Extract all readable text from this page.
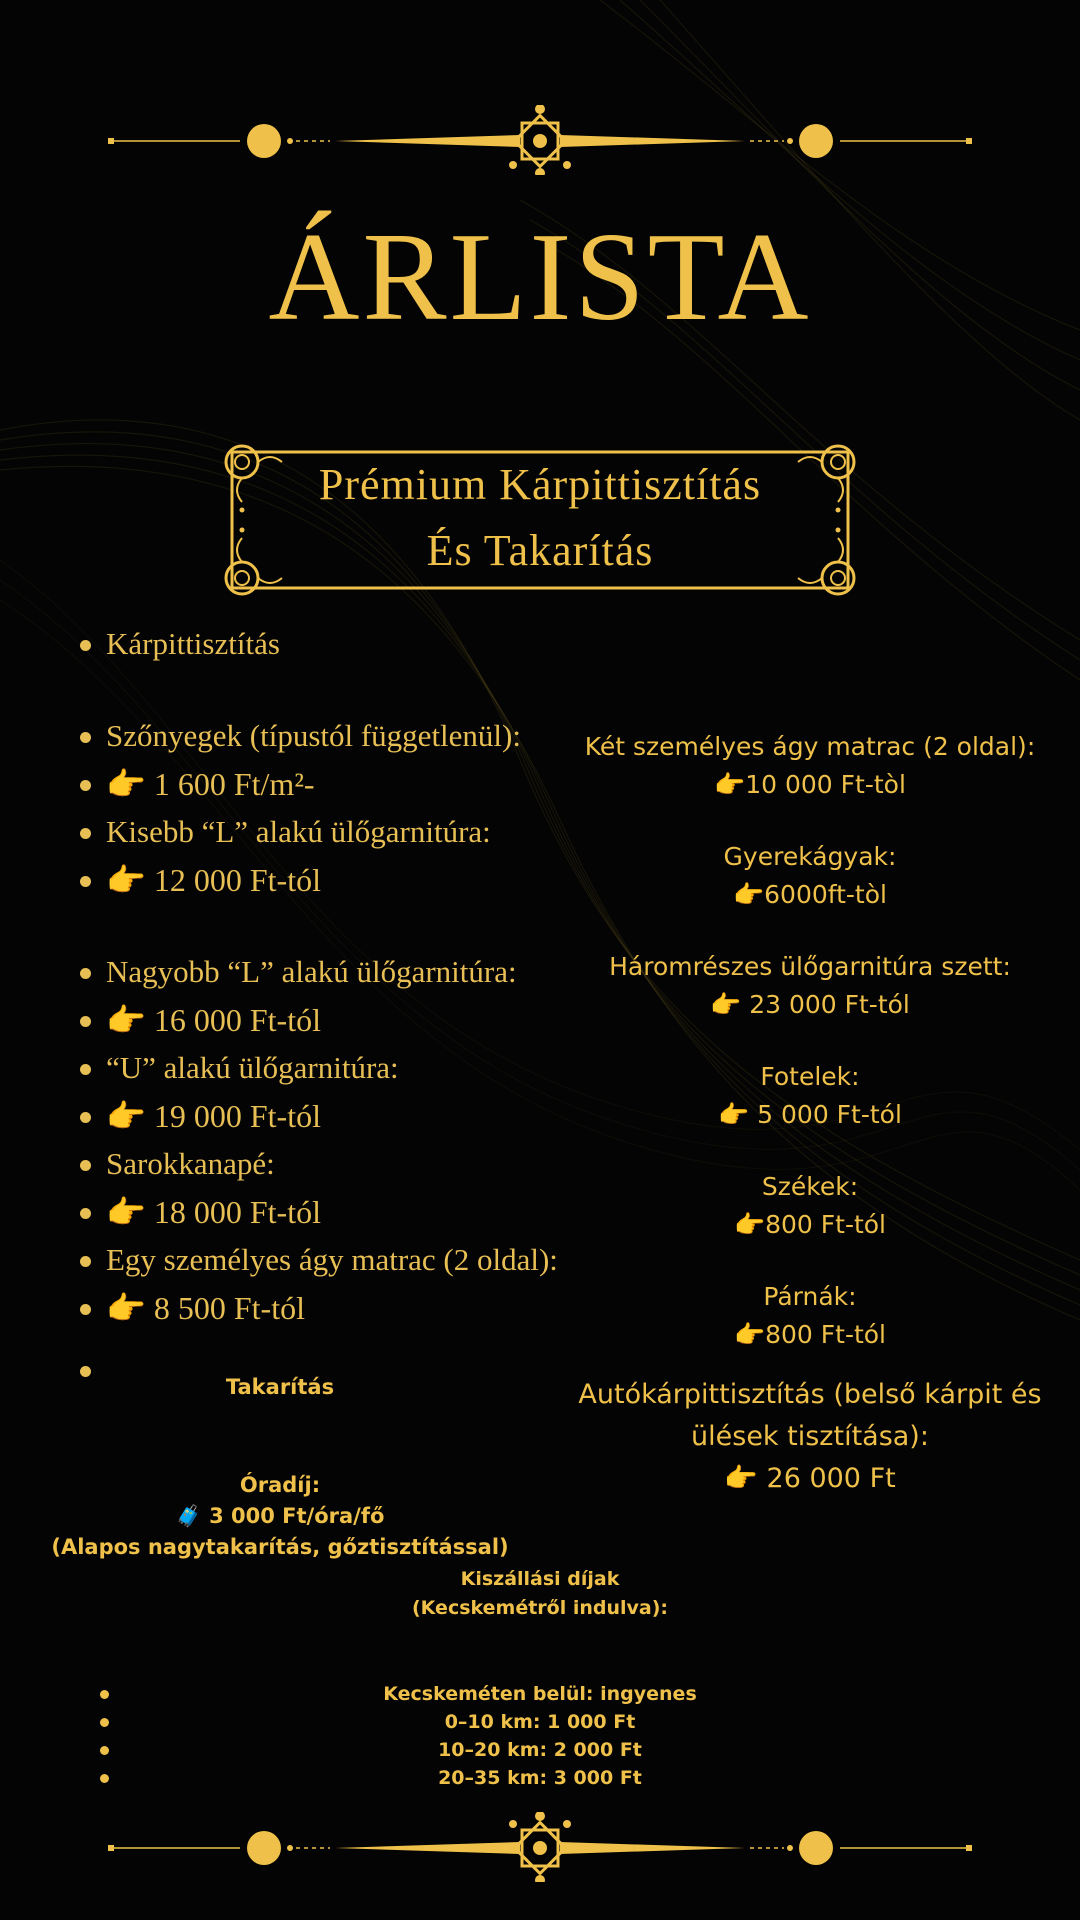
ÁRLISTA
Prémium Kárpittisztítás
És Takarítás
Kárpittisztítás
Szőnyegek (típustól függetlenül):
👉 1 600 Ft/m²-
Kisebb “L” alakú ülőgarnitúra:
👉 12 000 Ft-tól
Nagyobb “L” alakú ülőgarnitúra:
👉 16 000 Ft-tól
“U” alakú ülőgarnitúra:
👉 19 000 Ft-tól
Sarokkanapé:
👉 18 000 Ft-tól
Egy személyes ágy matrac (2 oldal):
👉 8 500 Ft-tól
Két személyes ágy matrac (2 oldal):
👉10 000 Ft-tòl
Gyerekágyak:
👉6000ft-tòl
Háromrészes ülőgarnitúra szett:
👉 23 000 Ft-tól
Fotelek:
👉 5 000 Ft-tól
Székek:
👉800 Ft-tól
Párnák:
👉800 Ft-tól
Autókárpittisztítás (belső kárpit és
ülések tisztítása):
👉 26 000 Ft
Takarítás
Óradíj:
🧳 3 000 Ft/óra/fő
(Alapos nagytakarítás, gőztisztítással)
Kiszállási díjak
(Kecskemétről indulva):
Kecskeméten belül: ingyenes
0–10 km: 1 000 Ft
10–20 km: 2 000 Ft
20–35 km: 3 000 Ft
